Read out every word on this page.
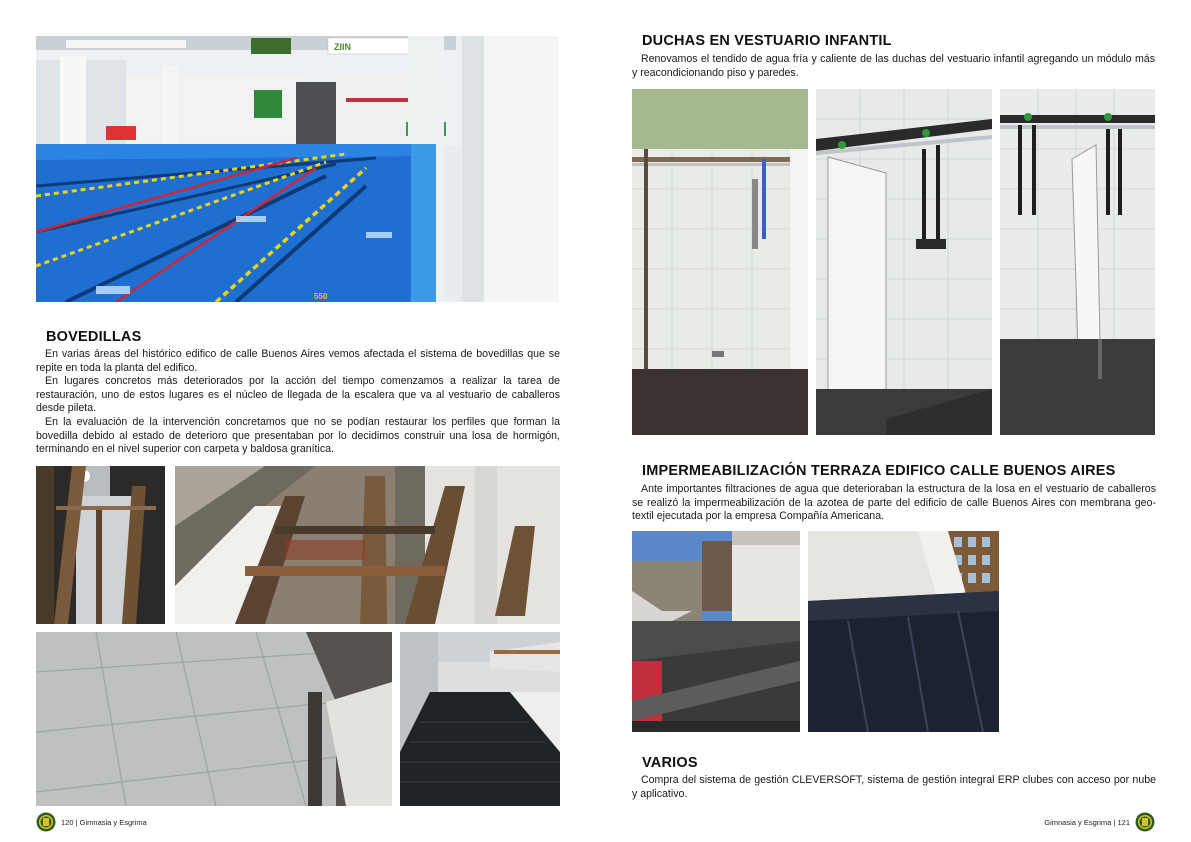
ZIIN
550
BOVEDILLAS

En varias áreas del histórico edifico de calle Buenos Aires vemos afectada el sistema de bovedillas que se repite en toda la planta del edifico.

En lugares concretos más deteriorados por la acción del tiempo comenzamos a realizar la tarea de restauración, uno de estos lugares es el núcleo de llegada de la escalera que va al vestuario de caballeros desde pileta.

En la evaluación de la intervención concretamos que no se podían restaurar los perfiles que forman la bovedilla debido al estado de deterioro que presentaban por lo decidimos construir una losa de hormigón, terminando en el nivel superior con carpeta y baldosa granítica.

120 | Gimnasia y Esgrima
DUCHAS EN VESTUARIO INFANTIL

Renovamos el tendido de agua fría y caliente de las duchas del vestuario infantil agregando un módulo más y reacondicionando piso y paredes.

IMPERMEABILIZACIÓN TERRAZA EDIFICO CALLE BUENOS AIRES

Ante importantes filtraciones de agua que deterioraban la estructura de la losa en el vestuario de caballeros se realizó la impermeabilización de la azotea de parte del edificio de calle Buenos Aires con membrana geo-textil ejecutada por la empresa Compañía Americana.

VARIOS

Compra del sistema de gestión CLEVERSOFT, sistema de gestión integral ERP clubes con acceso por nube y aplicativo.

Gimnasia y Esgrima | 121
